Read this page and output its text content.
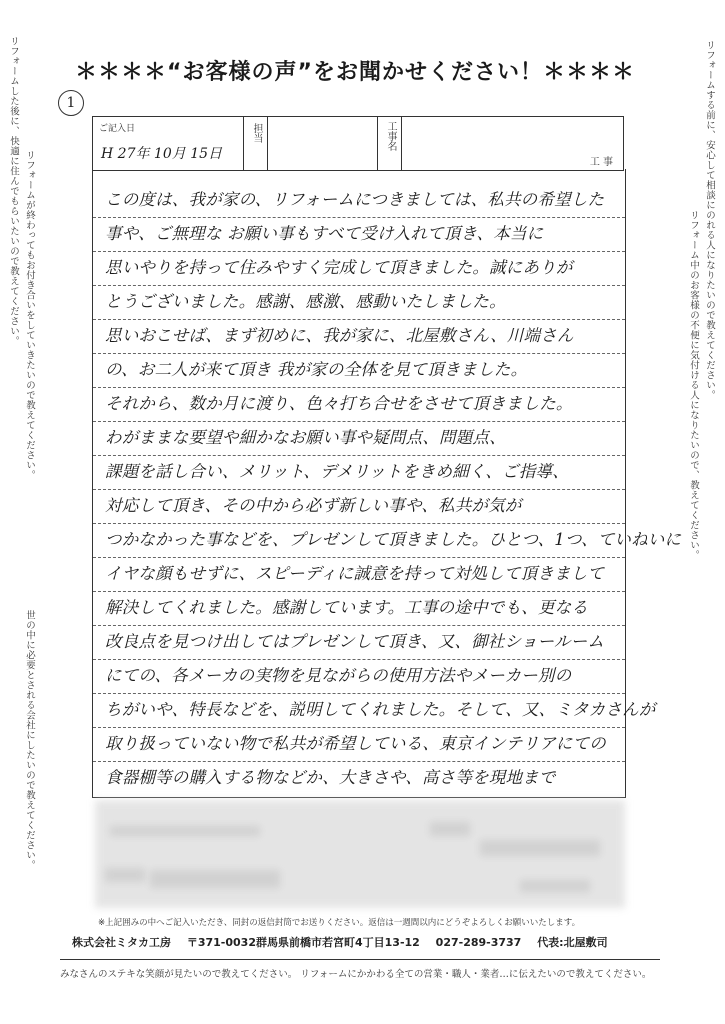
リフォームした後に、快適に住んでもらいたいので教えてください。 リフォームが終わってもお付き合いをしていきたいので教えてください。
世の中に必要とされる会社にしたいので教えてください。
リフォームする前に、安心して相談にのれる人になりたいので教えてください。
リフォーム中のお客様の不便に気付ける人になりたいので、教えてください。
＊＊＊＊“お客様の声”をお聞かせください！＊＊＊＊
1
ご記入日
H 27年 10月 15日
担当	工事名
工 事
この度は、我が家の、リフォームにつきましては、私共の希望した
事や、ご無理な お願い事もすべて受け入れて頂き、本当に
思いやりを持って住みやすく完成して頂きました。誠にありが
とうございました。感謝、感激、感動いたしました。
思いおこせば、まず初めに、我が家に、北屋敷さん、川端さん
の、お二人が来て頂き 我が家の全体を見て頂きました。
それから、数か月に渡り、色々打ち合せをさせて頂きました。
わがままな要望や細かなお願い事や疑問点、問題点、
課題を話し合い、メリット、デメリットをきめ細く、ご指導、
対応して頂き、その中から必ず新しい事や、私共が気が
つかなかった事などを、プレゼンして頂きました。ひとつ、1つ、ていねいに
イヤな顔もせずに、スピーディに誠意を持って対処して頂きまして
解決してくれました。感謝しています。工事の途中でも、更なる
改良点を見つけ出してはプレゼンして頂き、又、御社ショールーム
にての、各メーカの実物を見ながらの使用方法やメーカー別の
ちがいや、特長などを、説明してくれました。そして、又、ミタカさんが
取り扱っていない物で私共が希望している、東京インテリアにての
食器棚等の購入する物などか、大きさや、高さ等を現地まで
※上記囲みの中へご記入いただき、同封の返信封筒でお送りください。返信は一週間以内にどうぞよろしくお願いいたします。
株式会社ミタカ工房 〒371-0032群馬県前橋市若宮町4丁目13-12 027-289-3737 代表:北屋敷司
みなさんのステキな笑顔が見たいので教えてください。 リフォームにかかわる全ての営業・職人・業者…に伝えたいので教えてください。
